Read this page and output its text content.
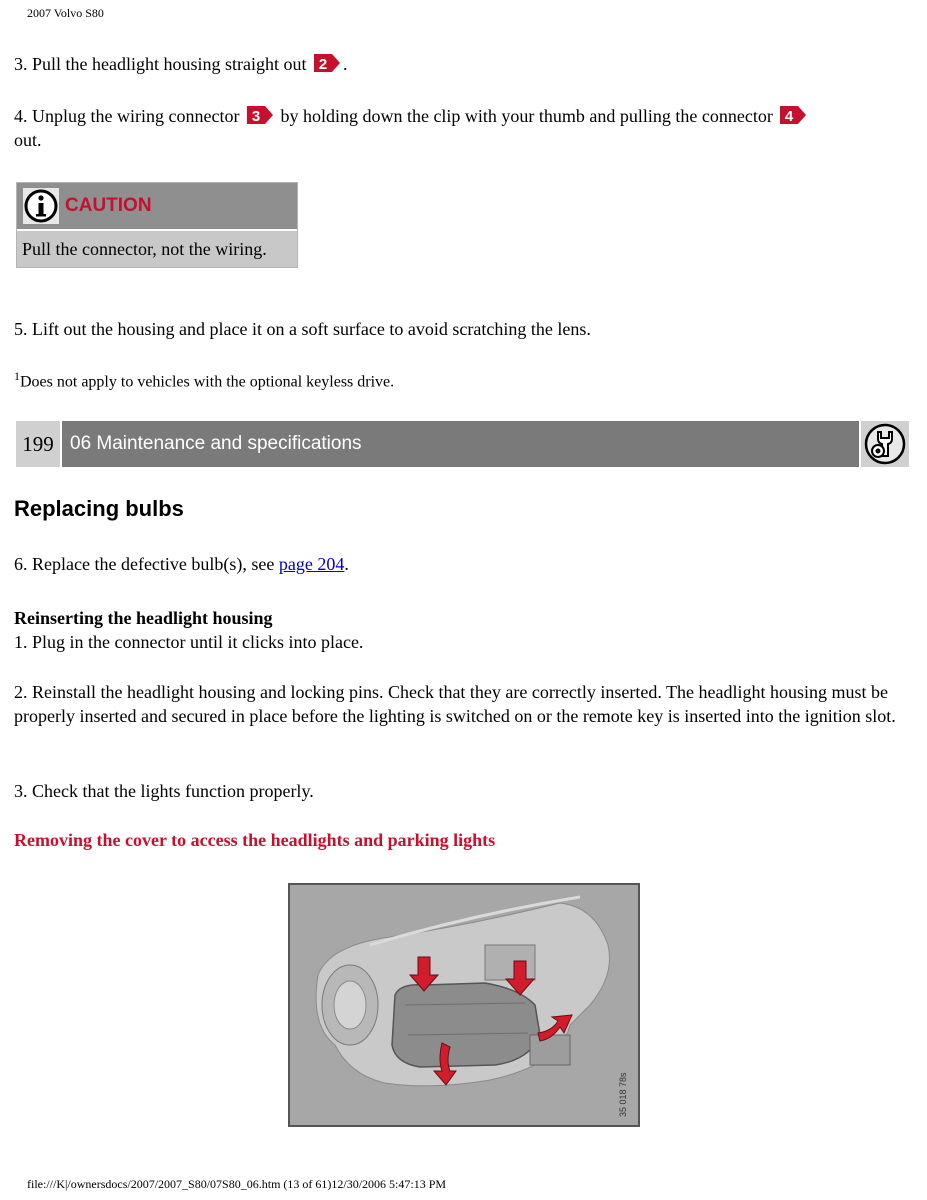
2007 Volvo S80
3. Pull the headlight housing straight out 2 .
4. Unplug the wiring connector 3 by holding down the clip with your thumb and pulling the connector 4

out.
CAUTION
Pull the connector, not the wiring.
5. Lift out the housing and place it on a soft surface to avoid scratching the lens.
$^1$Does not apply to vehicles with the optional keyless drive.
199 06 Maintenance and specifications
Replacing bulbs
6. Replace the defective bulb(s), see page 204.
Reinserting the headlight housing
1. Plug in the connector until it clicks into place.
2. Reinstall the headlight housing and locking pins. Check that they are correctly inserted. The headlight housing must be properly inserted and secured in place before the lighting is switched on or the remote key is inserted into the ignition slot.
3. Check that the lights function properly.
Removing the cover to access the headlights and parking lights
35 018 78s
file:///K|/ownersdocs/2007/2007_S80/07S80_06.htm (13 of 61)12/30/2006 5:47:13 PM
